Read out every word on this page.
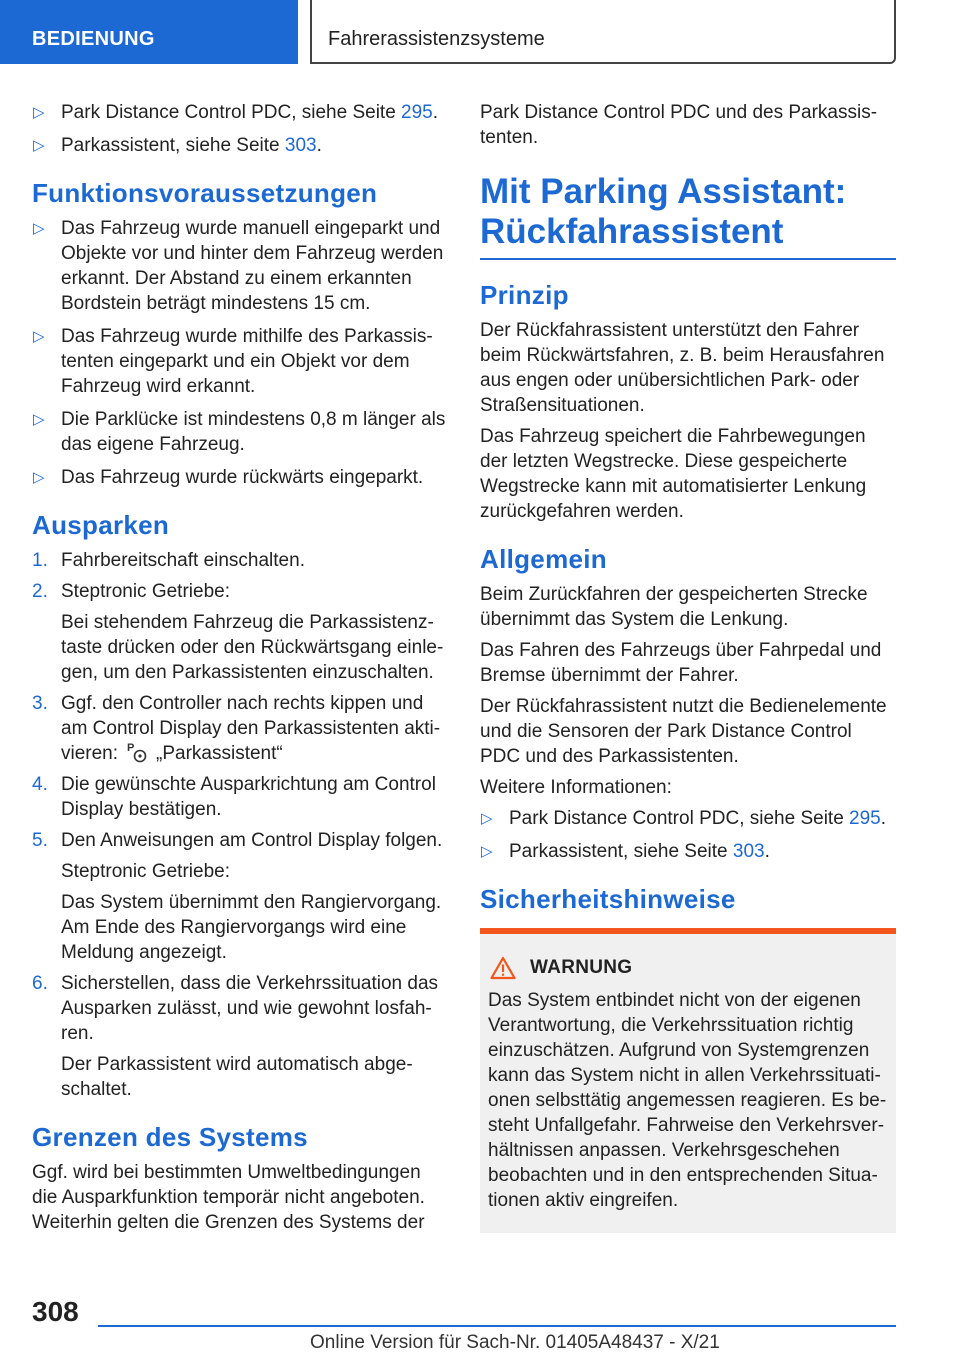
BEDIENUNG	Fahrerassistenzsysteme
▷ Park Distance Control PDC, siehe Seite 295.
▷ Parkassistent, siehe Seite 303.
Funktionsvoraussetzungen
▷ Das Fahrzeug wurde manuell eingeparkt und Objekte vor und hinter dem Fahrzeug werden erkannt. Der Abstand zu einem erkannten Bordstein beträgt mindestens 15 cm.
▷ Das Fahrzeug wurde mithilfe des Parkassistenten eingeparkt und ein Objekt vor dem Fahrzeug wird erkannt.
▷ Die Parklücke ist mindestens 0,8 m länger als das eigene Fahrzeug.
▷ Das Fahrzeug wurde rückwärts eingeparkt.
Ausparken
1. Fahrbereitschaft einschalten.
2. Steptronic Getriebe:
Bei stehendem Fahrzeug die Parkassistenztaste drücken oder den Rückwärtsgang einlegen, um den Parkassistenten einzuschalten.
3. Ggf. den Controller nach rechts kippen und am Control Display den Parkassistenten aktivieren: P „Parkassistent“
4. Die gewünschte Ausparkrichtung am Control Display bestätigen.
5. Den Anweisungen am Control Display folgen.
Steptronic Getriebe:
Das System übernimmt den Rangiervorgang. Am Ende des Rangiervorgangs wird eine Meldung angezeigt.
6. Sicherstellen, dass die Verkehrssituation das Ausparken zulässt, und wie gewohnt losfahren.
Der Parkassistent wird automatisch abgeschaltet.
Grenzen des Systems
Ggf. wird bei bestimmten Umweltbedingungen die Ausparkfunktion temporär nicht angeboten. Weiterhin gelten die Grenzen des Systems der
Park Distance Control PDC und des Parkassistenten.
Mit Parking Assistant: Rückfahrassistent
Prinzip
Der Rückfahrassistent unterstützt den Fahrer beim Rückwärtsfahren, z. B. beim Herausfahren aus engen oder unübersichtlichen Park- oder Straßensituationen.
Das Fahrzeug speichert die Fahrbewegungen der letzten Wegstrecke. Diese gespeicherte Wegstrecke kann mit automatisierter Lenkung zurückgefahren werden.
Allgemein
Beim Zurückfahren der gespeicherten Strecke übernimmt das System die Lenkung.
Das Fahren des Fahrzeugs über Fahrpedal und Bremse übernimmt der Fahrer.
Der Rückfahrassistent nutzt die Bedienelemente und die Sensoren der Park Distance Control PDC und des Parkassistenten.
Weitere Informationen:
▷ Park Distance Control PDC, siehe Seite 295.
▷ Parkassistent, siehe Seite 303.
Sicherheitshinweise
WARNUNG
Das System entbindet nicht von der eigenen Verantwortung, die Verkehrssituation richtig einzuschätzen. Aufgrund von Systemgrenzen kann das System nicht in allen Verkehrssituationen selbsttätig angemessen reagieren. Es besteht Unfallgefahr. Fahrweise den Verkehrsverhältnissen anpassen. Verkehrsgeschehen beobachten und in den entsprechenden Situationen aktiv eingreifen.
308
Online Version für Sach-Nr. 01405A48437 - X/21
